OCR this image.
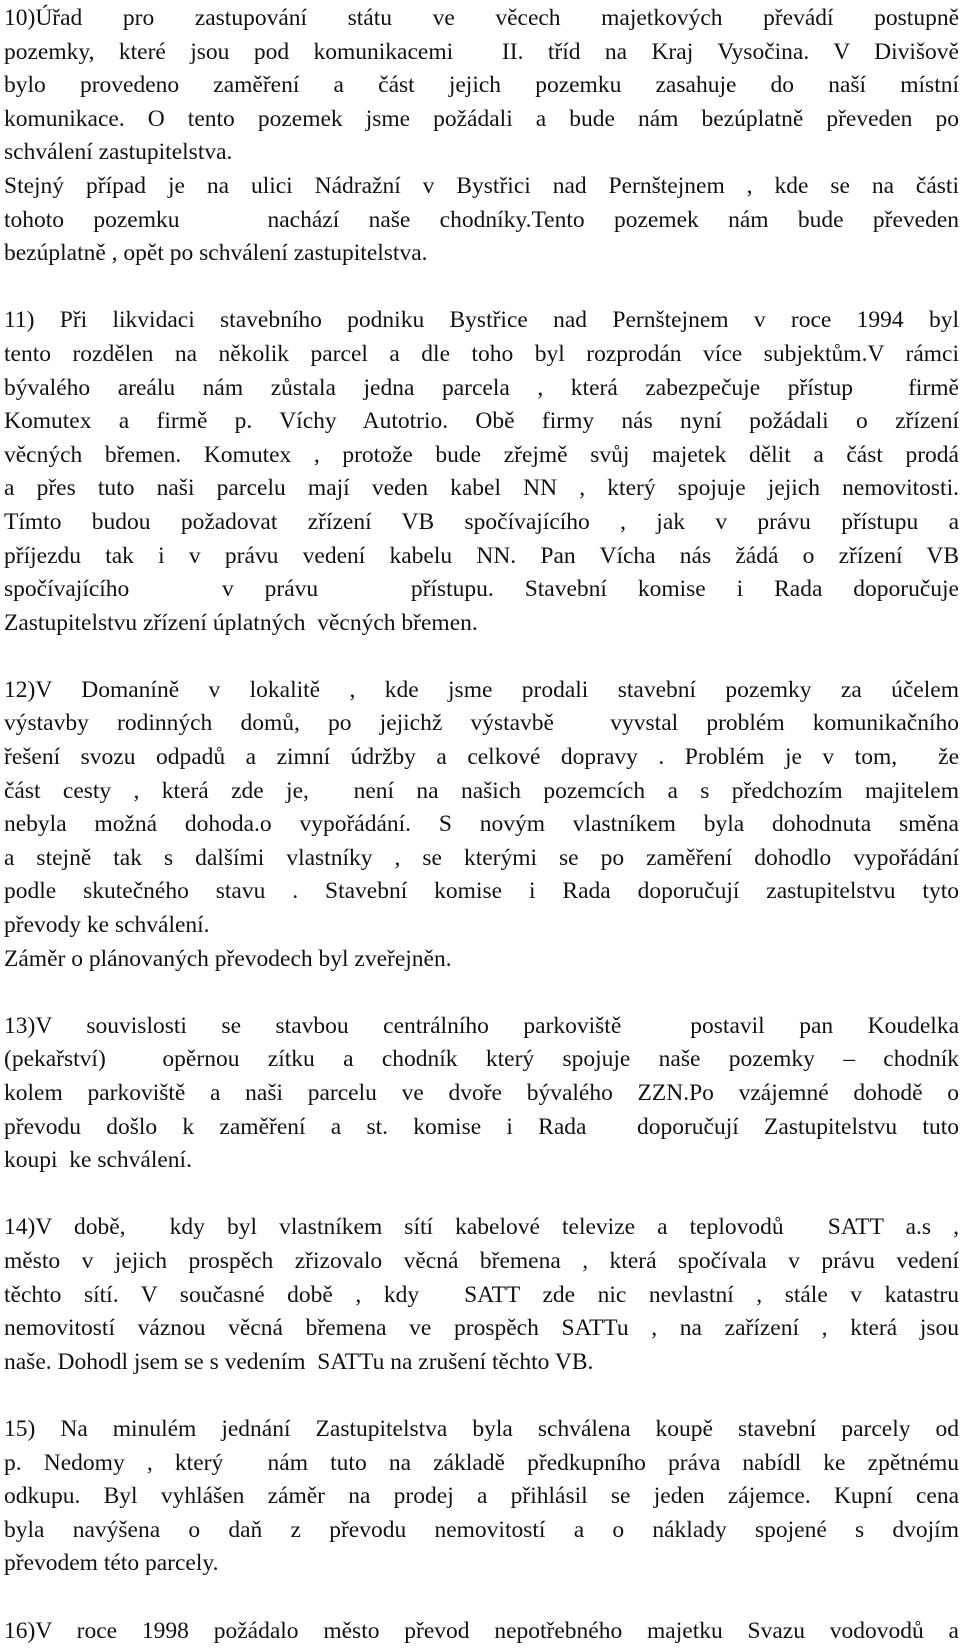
10)Úřad pro zastupování státu ve věcech majetkových převádí postupně
pozemky, které jsou pod komunikacemi  II. tříd na Kraj Vysočina. V Divišově
bylo provedeno zaměření a část jejich pozemku zasahuje do naší místní
komunikace. O tento pozemek jsme požádali a bude nám bezúplatně převeden po
schválení zastupitelstva.
Stejný případ je na ulici Nádražní v Bystřici nad Pernštejnem , kde se na části
tohoto pozemku   nachází naše chodníky.Tento pozemek nám bude převeden
bezúplatně , opět po schválení zastupitelstva.
11) Při likvidaci stavebního podniku Bystřice nad Pernštejnem v roce 1994 byl
tento rozdělen na několik parcel a dle toho byl rozprodán více subjektům.V rámci
bývalého areálu nám zůstala jedna parcela , která zabezpečuje přístup  firmě
Komutex a firmě p. Víchy Autotrio. Obě firmy nás nyní požádali o zřízení
věcných břemen. Komutex , protože bude zřejmě svůj majetek dělit a část prodá
a přes tuto naši parcelu mají veden kabel NN , který spojuje jejich nemovitosti.
Tímto budou požadovat zřízení VB spočívajícího , jak v právu přístupu a
příjezdu tak i v právu vedení kabelu NN. Pan Vícha nás žádá o zřízení VB
spočívajícího   v právu   přístupu. Stavební komise i Rada doporučuje
Zastupitelstvu zřízení úplatných  věcných břemen.
12)V Domaníně v lokalitě , kde jsme prodali stavební pozemky za účelem
výstavby rodinných domů, po jejichž výstavbě  vyvstal problém komunikačního
řešení svozu odpadů a zimní údržby a celkové dopravy . Problém je v tom,  že
část cesty , která zde je,  není na našich pozemcích a s předchozím majitelem
nebyla možná dohoda.o vypořádání. S novým vlastníkem byla dohodnuta směna
a stejně tak s dalšími vlastníky , se kterými se po zaměření dohodlo vypořádání
podle skutečného stavu . Stavební komise i Rada doporučují zastupitelstvu tyto
převody ke schválení.
Záměr o plánovaných převodech byl zveřejněn.
13)V souvislosti se stavbou centrálního parkoviště  postavil pan Koudelka
(pekařství)  opěrnou zítku a chodník který spojuje naše pozemky – chodník
kolem parkoviště a naši parcelu ve dvoře bývalého ZZN.Po vzájemné dohodě o
převodu došlo k zaměření a st. komise i Rada  doporučují Zastupitelstvu tuto
koupi  ke schválení.
14)V době,  kdy byl vlastníkem sítí kabelové televize a teplovodů  SATT a.s ,
město v jejich prospěch zřizovalo věcná břemena , která spočívala v právu vedení
těchto sítí. V současné době , kdy  SATT zde nic nevlastní , stále v katastru
nemovitostí váznou věcná břemena ve prospěch SATTu , na zařízení , která jsou
naše. Dohodl jsem se s vedením  SATTu na zrušení těchto VB.
15) Na minulém jednání Zastupitelstva byla schválena koupě stavební parcely od
p. Nedomy , který  nám tuto na základě předkupního práva nabídl ke zpětnému
odkupu. Byl vyhlášen záměr na prodej a přihlásil se jeden zájemce. Kupní cena
byla navýšena o daň z převodu nemovitostí a o náklady spojené s dvojím
převodem této parcely.
16)V roce 1998 požádalo město převod nepotřebného majetku Svazu vodovodů a
